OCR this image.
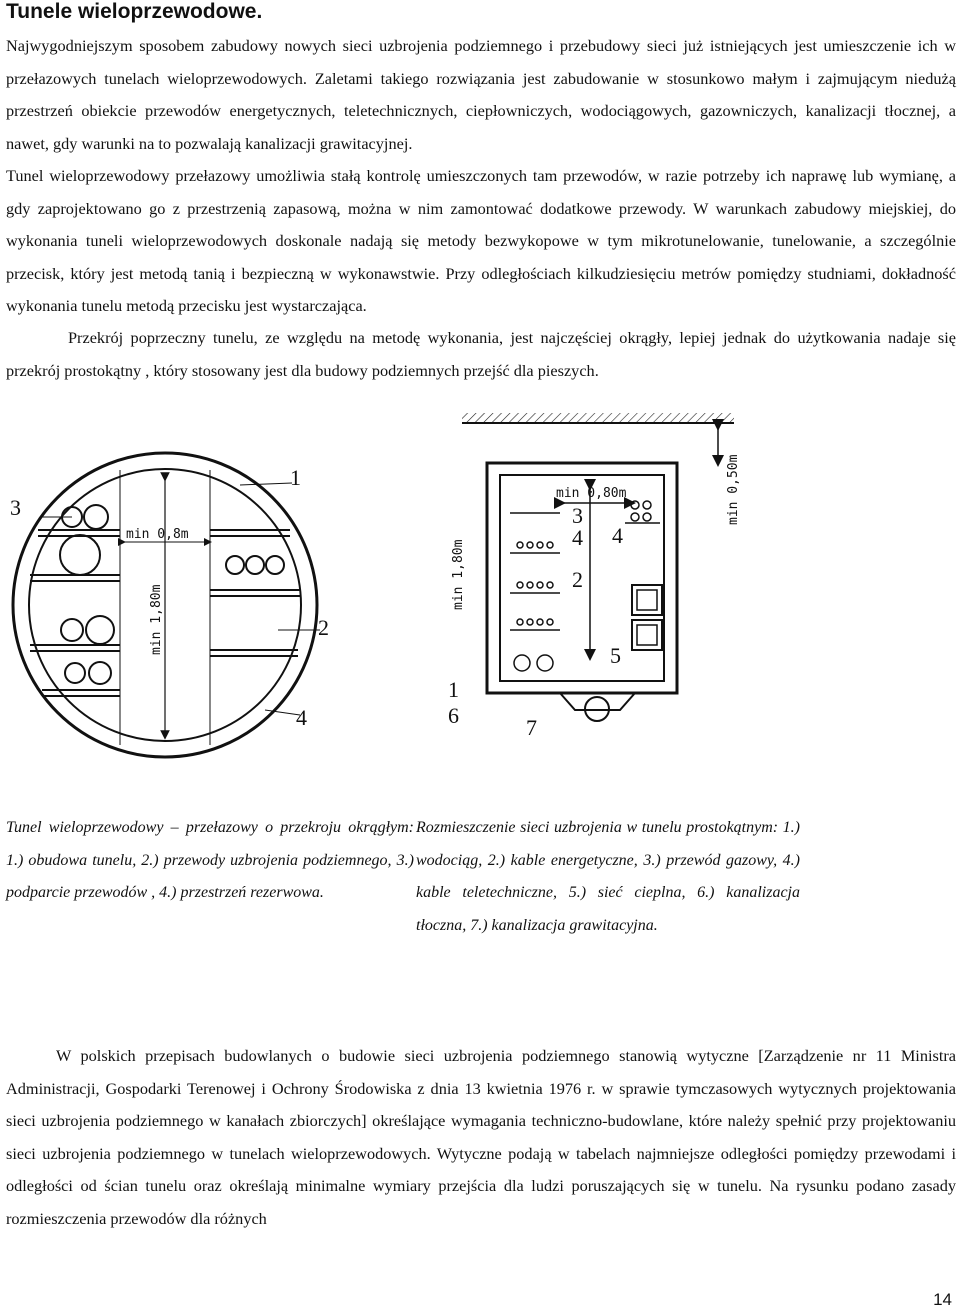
Tunele wieloprzewodowe.

Najwygodniejszym sposobem zabudowy nowych sieci uzbrojenia podziemnego i przebudowy sieci już istniejących jest umieszczenie ich w przełazowych tunelach wieloprzewodowych. Zaletami takiego rozwiązania jest zabudowanie w stosunkowo małym i zajmującym niedużą przestrzeń obiekcie przewodów energetycznych, teletechnicznych, ciepłowniczych, wodociągowych, gazowniczych, kanalizacji tłocznej, a nawet, gdy warunki na to pozwalają kanalizacji grawitacyjnej.

Tunel wieloprzewodowy przełazowy umożliwia stałą kontrolę umieszczonych tam przewodów, w razie potrzeby ich naprawę lub wymianę, a gdy zaprojektowano go z przestrzenią zapasową, można w nim zamontować dodatkowe przewody. W warunkach zabudowy miejskiej, do wykonania tuneli wieloprzewodowych doskonale nadają się metody bezwykopowe w tym mikrotunelowanie, tunelowanie, a szczególnie przecisk, który jest metodą tanią i bezpieczną w wykonawstwie. Przy odległościach kilkudziesięciu metrów pomiędzy studniami, dokładność wykonania tunelu metodą przecisku jest wystarczająca.

Przekrój poprzeczny tunelu, ze względu na metodę wykonania, jest najczęściej okrągły, lepiej jednak do użytkowania nadaje się przekrój prostokątny , który stosowany jest dla budowy podziemnych przejść dla pieszych.

3
1
2
4
min 0,8m
min 1,80m
3
4 4
2
5
1
6	7
min 0,80m
min 1,80m
min 0,50m

Tunel wieloprzewodowy – przełazowy o przekroju okrągłym: 1.) obudowa tunelu, 2.) przewody uzbrojenia podziemnego, 3.) podparcie przewodów , 4.) przestrzeń rezerwowa.

Rozmieszczenie sieci uzbrojenia w tunelu prostokątnym: 1.) wodociąg, 2.) kable energetyczne, 3.) przewód gazowy, 4.) kable teletechniczne, 5.) sieć cieplna, 6.) kanalizacja tłoczna, 7.) kanalizacja grawitacyjna.

W polskich przepisach budowlanych o budowie sieci uzbrojenia podziemnego stanowią wytyczne [Zarządzenie nr 11 Ministra Administracji, Gospodarki Terenowej i Ochrony Środowiska z dnia 13 kwietnia 1976 r. w sprawie tymczasowych wytycznych projektowania sieci uzbrojenia podziemnego w kanałach zbiorczych] określające wymagania techniczno-budowlane, które należy spełnić przy projektowaniu sieci uzbrojenia podziemnego w tunelach wieloprzewodowych. Wytyczne podają w tabelach najmniejsze odległości pomiędzy przewodami i odległości od ścian tunelu oraz określają minimalne wymiary przejścia dla ludzi poruszających się w tunelu. Na rysunku podano zasady rozmieszczenia przewodów dla różnych

14
